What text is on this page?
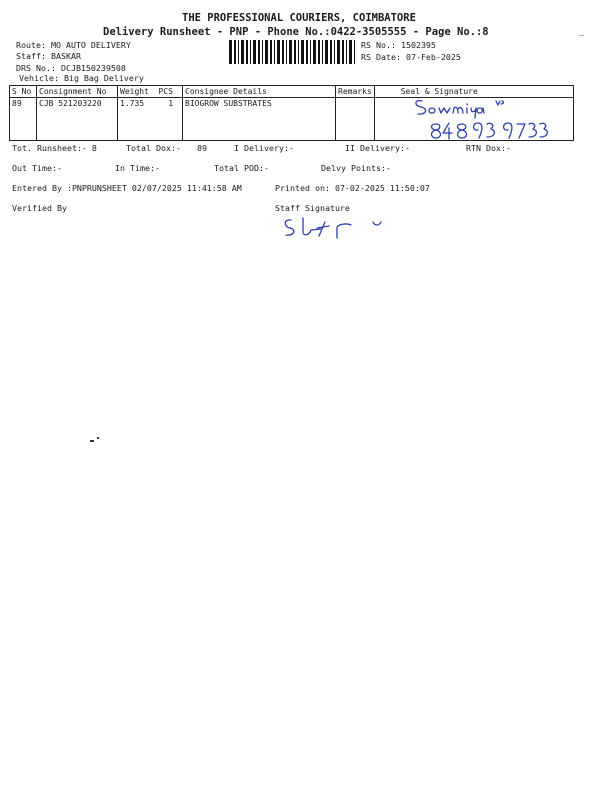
THE PROFESSIONAL COURIERS, COIMBATORE
Delivery Runsheet - PNP - Phone No.:0422-3505555 - Page No.:8	—
Route: MO AUTO DELIVERY
Staff: BASKAR
DRS No.: DCJB150239508
Vehicle: Big Bag Delivery
RS No.: 1502395
RS Date: 07-Feb-2025
S No	Consignment No	Weight PCS	Consignee Details	Remarks	Seal & Signature
89	CJB 521203220	1.735 1	BIOGROW SUBSTRATES		
Tot. Runsheet:- 8	Total Dox:- 89	I Delivery:-	II Delivery:-	RTN Dox:-
Out Time:-	In Time:-	Total POD:-	Delvy Points:-
Entered By :PNPRUNSHEET 02/07/2025 11:41:58 AM	Printed on: 07-02-2025 11:50:07
Verified By	Staff Signature
